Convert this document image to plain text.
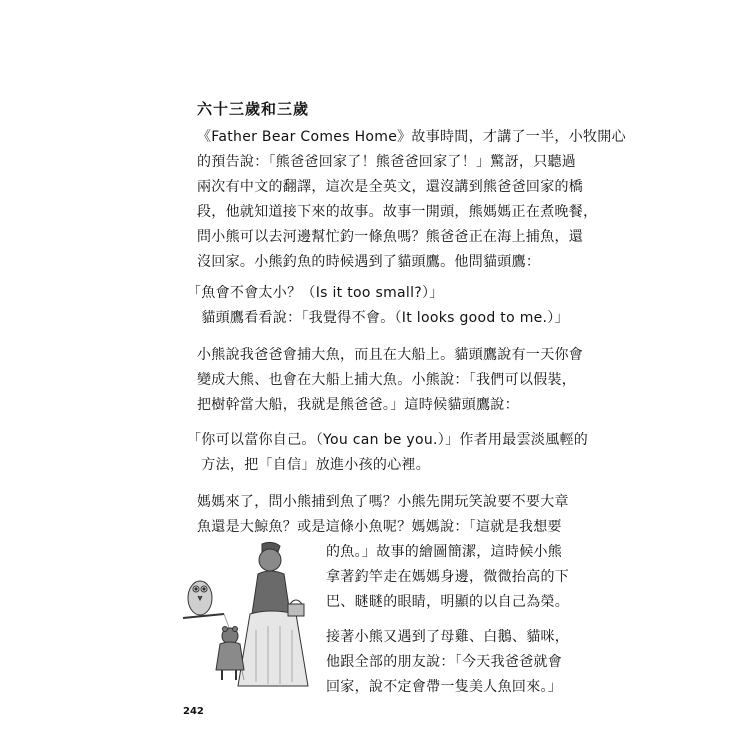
六十三歲和三歲
《Father Bear Comes Home》故事時間，才講了一半，小牧開心
的預告說：「熊爸爸回家了！熊爸爸回家了！」驚訝，只聽過
兩次有中文的翻譯，這次是全英文，還沒講到熊爸爸回家的橋
段，他就知道接下來的故事。故事一開頭，熊媽媽正在煮晚餐，
問小熊可以去河邊幫忙釣一條魚嗎？熊爸爸正在海上捕魚，還
沒回家。小熊釣魚的時候遇到了貓頭鷹。他問貓頭鷹：
「魚會不會太小？（Is it too small?）」
　貓頭鷹看看說：「我覺得不會。（It looks good to me.）」
小熊說我爸爸會捕大魚，而且在大船上。貓頭鷹說有一天你會
變成大熊、也會在大船上捕大魚。小熊說：「我們可以假裝，
把樹幹當大船，我就是熊爸爸。」這時候貓頭鷹說：
「你可以當你自己。（You can be you.）」作者用最雲淡風輕的
　方法，把「自信」放進小孩的心裡。
媽媽來了，問小熊捕到魚了嗎？小熊先開玩笑說要不要大章
魚還是大鯨魚？或是這條小魚呢？媽媽說：「這就是我想要
的魚。」故事的繪圖簡潔，這時候小熊
拿著釣竿走在媽媽身邊，微微抬高的下
巴、瞇瞇的眼睛，明顯的以自己為榮。
接著小熊又遇到了母雞、白鵝、貓咪，
他跟全部的朋友說：「今天我爸爸就會
回家，說不定會帶一隻美人魚回來。」
242
